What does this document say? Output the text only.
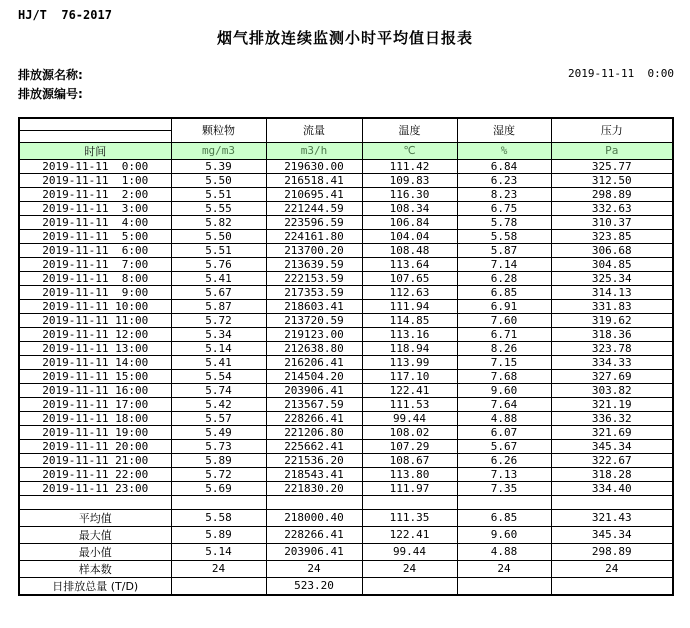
HJ/T  76-2017
烟气排放连续监测小时平均值日报表
排放源名称:
排放源编号:
2019-11-11  0:00
	颗粒物	流量	温度	湿度	压力

时间	mg/m3	m3/h	℃	%	Pa
2019-11-11  0:00	5.39	219630.00	111.42	6.84	325.77
2019-11-11  1:00	5.50	216518.41	109.83	6.23	312.50
2019-11-11  2:00	5.51	210695.41	116.30	8.23	298.89
2019-11-11  3:00	5.55	221244.59	108.34	6.75	332.63
2019-11-11  4:00	5.82	223596.59	106.84	5.78	310.37
2019-11-11  5:00	5.50	224161.80	104.04	5.58	323.85
2019-11-11  6:00	5.51	213700.20	108.48	5.87	306.68
2019-11-11  7:00	5.76	213639.59	113.64	7.14	304.85
2019-11-11  8:00	5.41	222153.59	107.65	6.28	325.34
2019-11-11  9:00	5.67	217353.59	112.63	6.85	314.13
2019-11-11 10:00	5.87	218603.41	111.94	6.91	331.83
2019-11-11 11:00	5.72	213720.59	114.85	7.60	319.62
2019-11-11 12:00	5.34	219123.00	113.16	6.71	318.36
2019-11-11 13:00	5.14	212638.80	118.94	8.26	323.78
2019-11-11 14:00	5.41	216206.41	113.99	7.15	334.33
2019-11-11 15:00	5.54	214504.20	117.10	7.68	327.69
2019-11-11 16:00	5.74	203906.41	122.41	9.60	303.82
2019-11-11 17:00	5.42	213567.59	111.53	7.64	321.19
2019-11-11 18:00	5.57	228266.41	99.44	4.88	336.32
2019-11-11 19:00	5.49	221206.80	108.02	6.07	321.69
2019-11-11 20:00	5.73	225662.41	107.29	5.67	345.34
2019-11-11 21:00	5.89	221536.20	108.67	6.26	322.67
2019-11-11 22:00	5.72	218543.41	113.80	7.13	318.28
2019-11-11 23:00	5.69	221830.20	111.97	7.35	334.40

平均值	5.58	218000.40	111.35	6.85	321.43
最大值	5.89	228266.41	122.41	9.60	345.34
最小值	5.14	203906.41	99.44	4.88	298.89
样本数	24	24	24	24	24
日排放总量 (T/D)		523.20			
